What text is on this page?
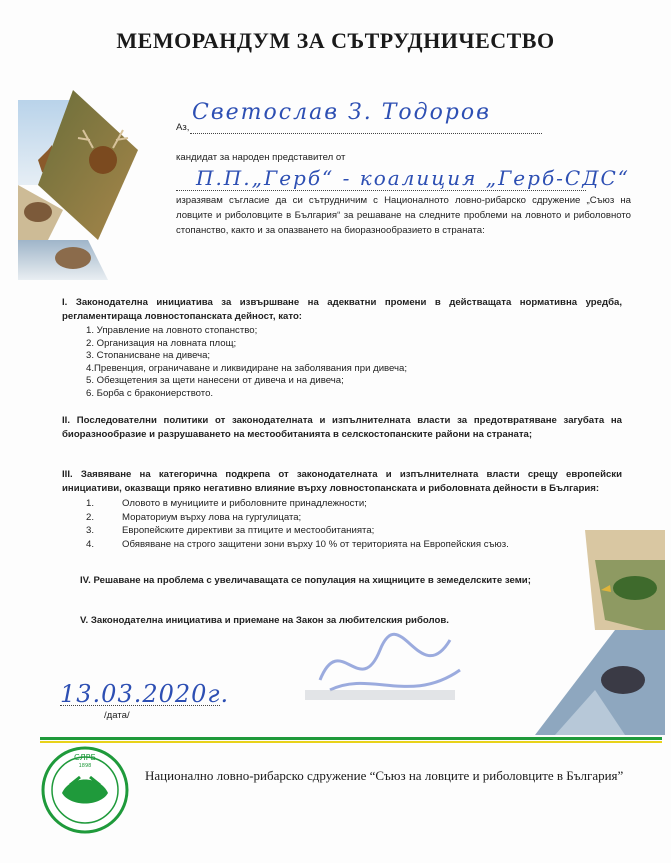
МЕМОРАНДУМ ЗА СЪТРУДНИЧЕСТВО
Аз,
Светослав З. Тодоров
кандидат за народен представител от
П.П.„Герб“ - коалиция „Герб-СДС“
изразявам съгласие да си сътрудничим с Националното ловно-рибарско сдружение „Съюз на ловците и риболовците в България“ за решаване на следните проблеми на ловното и риболовното стопанство, както и за опазването на биоразнообразието в страната:
I. Законодателна инициатива за извършване на адекватни промени в действащата нормативна уредба, регламентираща ловностопанската дейност, като:
1. Управление на ловното стопанство;
2. Организация на ловната площ;
3. Стопанисване на дивеча;
4.Превенция, ограничаване и ликвидиране на заболявания при дивеча;
5. Обезщетения за щети нанесени от дивеча и на дивеча;
6. Борба с бракониерството.
II. Последователни политики от законодателната и изпълнителната власти за предотвратяване загубата на биоразнообразие и разрушаването на местообитанията в селскостопанските райони на страната;
III. Заявяване на категорична подкрепа от законодателната и изпълнителната власти срещу европейски инициативи, оказващи пряко негативно влияние върху ловностопанската и риболовната дейности в България:
1.	Оловото в мунициите и риболовните принадлежности;
2.	Мораториум върху лова на гургулицата;
3.	Европейските директиви за птиците и местообитанията;
4.	Обявяване на строго защитени зони върху 10 % от територията на Европейския съюз.
IV. Решаване на проблема с увеличаващата се популация на хищниците в земеделските земи;
V. Законодателна инициатива и приемане на Закон за любителския риболов.
13.03.2020г.
/дата/
СЛРБ
1898
Национално ловно-рибарско сдружение “Съюз на ловците и риболовците в България”
